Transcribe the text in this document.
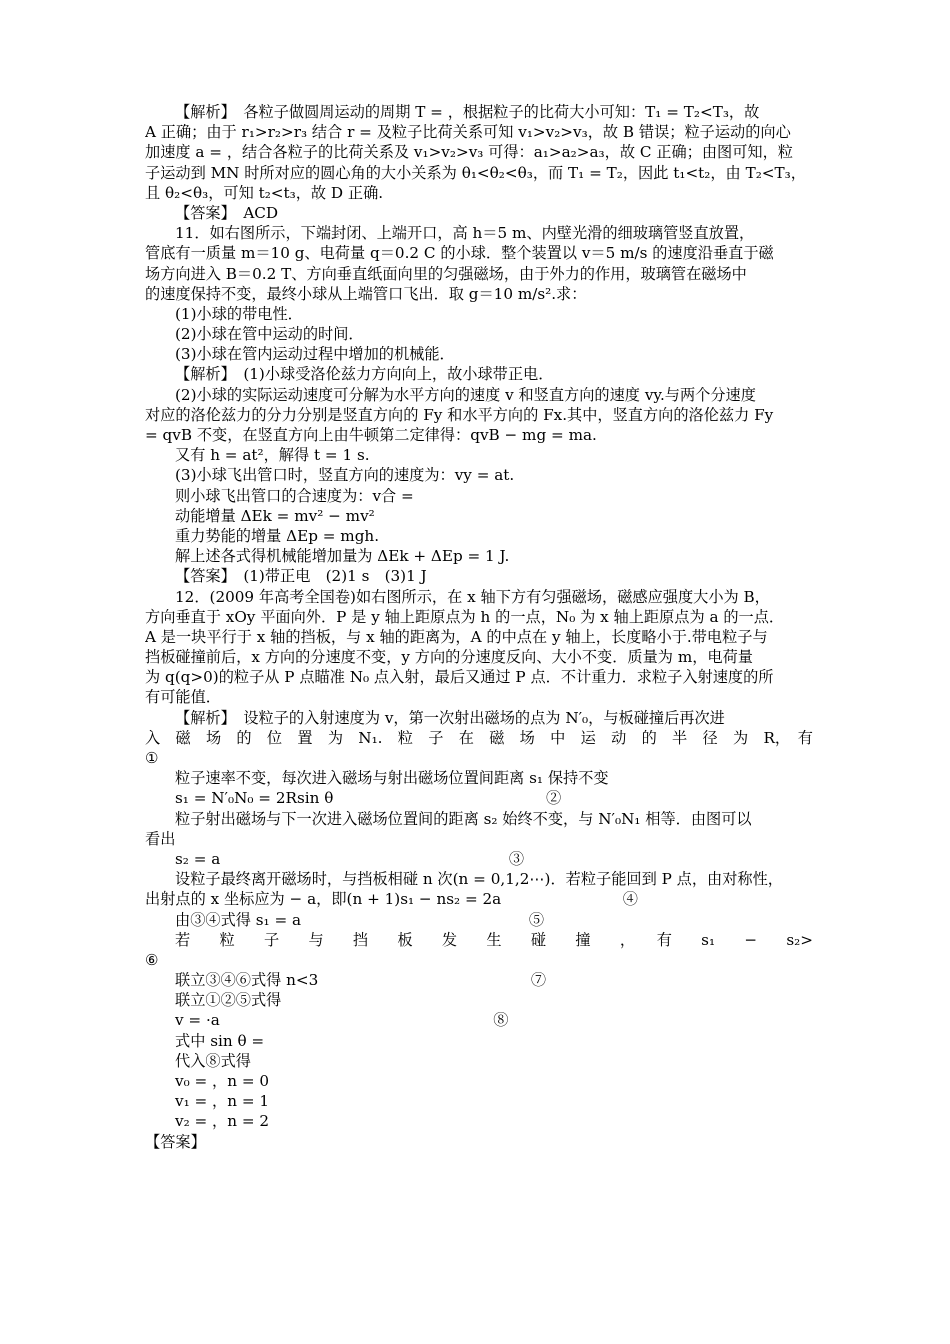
【解析】　各粒子做圆周运动的周期 T = ，根据粒子的比荷大小可知：T₁ = T₂<T₃，故
A 正确；由于 r₁>r₂>r₃ 结合 r = 及粒子比荷关系可知 v₁>v₂>v₃，故 B 错误；粒子运动的向心
加速度 a = ，结合各粒子的比荷关系及 v₁>v₂>v₃ 可得：a₁>a₂>a₃，故 C 正确；由图可知，粒
子运动到 MN 时所对应的圆心角的大小关系为 θ₁<θ₂<θ₃，而 T₁ = T₂，因此 t₁<t₂，由 T₂<T₃，
且 θ₂<θ₃，可知 t₂<t₃，故 D 正确.
【答案】　ACD
11．如右图所示，下端封闭、上端开口，高 h＝5 m、内壁光滑的细玻璃管竖直放置，
管底有一质量 m＝10 g、电荷量 q＝0.2 C 的小球．整个装置以 v＝5 m/s 的速度沿垂直于磁
场方向进入 B＝0.2 T、方向垂直纸面向里的匀强磁场，由于外力的作用，玻璃管在磁场中
的速度保持不变，最终小球从上端管口飞出．取 g＝10 m/s².求：
(1)小球的带电性．
(2)小球在管中运动的时间．
(3)小球在管内运动过程中增加的机械能．
【解析】　(1)小球受洛伦兹力方向向上，故小球带正电．
(2)小球的实际运动速度可分解为水平方向的速度 v 和竖直方向的速度 vy.与两个分速度
对应的洛伦兹力的分力分别是竖直方向的 Fy 和水平方向的 Fx.其中，竖直方向的洛伦兹力 Fy
= qvB 不变，在竖直方向上由牛顿第二定律得：qvB − mg = ma.
又有 h = at²，解得 t = 1 s.
(3)小球飞出管口时，竖直方向的速度为：vy = at.
则小球飞出管口的合速度为：v合 =
动能增量 ΔEk = mv² − mv²
重力势能的增量 ΔEp = mgh.
解上述各式得机械能增加量为 ΔEk + ΔEp = 1 J.
【答案】　(1)带正电　(2)1 s　(3)1 J
12．(2009 年高考全国卷)如右图所示，在 x 轴下方有匀强磁场，磁感应强度大小为 B，
方向垂直于 xOy 平面向外．P 是 y 轴上距原点为 h 的一点，N₀ 为 x 轴上距原点为 a 的一点．
A 是一块平行于 x 轴的挡板，与 x 轴的距离为，A 的中点在 y 轴上，长度略小于.带电粒子与
挡板碰撞前后，x 方向的分速度不变，y 方向的分速度反向、大小不变．质量为 m，电荷量
为 q(q>0)的粒子从 P 点瞄准 N₀ 点入射，最后又通过 P 点．不计重力．求粒子入射速度的所
有可能值．
【解析】　设粒子的入射速度为 v，第一次射出磁场的点为 N′₀，与板碰撞后再次进
入　磁　场　的　位　置　为　N₁.　粒　子　在　磁　场　中　运　动　的　半　径　为　R，　有　　
①
粒子速率不变，每次进入磁场与射出磁场位置间距离 s₁ 保持不变
s₁ = N′₀N₀ = 2Rsin θ　　　　　　　　　　　　　　②
粒子射出磁场与下一次进入磁场位置间的距离 s₂ 始终不变，与 N′₀N₁ 相等．由图可以
看出
s₂ = a　　　　　　　　　　　　　　　　　　　③
设粒子最终离开磁场时，与挡板相碰 n 次(n = 0,1,2⋯)．若粒子能回到 P 点，由对称性，
出射点的 x 坐标应为 − a，即(n + 1)s₁ − ns₂ = 2a　　　　　　　　④
由③④式得 s₁ = a　　　　　　　　　　　　　　　⑤
若　粒　子　与　挡　板　发　生　碰　撞　，　有　s₁　−　s₂>
⑥
联立③④⑥式得 n<3　　　　　　　　　　　　　　⑦
联立①②⑤式得
v = ·a　　　　　　　　　　　　　　　　　　⑧
式中 sin θ =
代入⑧式得
v₀ = ，n = 0
v₁ = ，n = 1
v₂ = ，n = 2
【答案】
